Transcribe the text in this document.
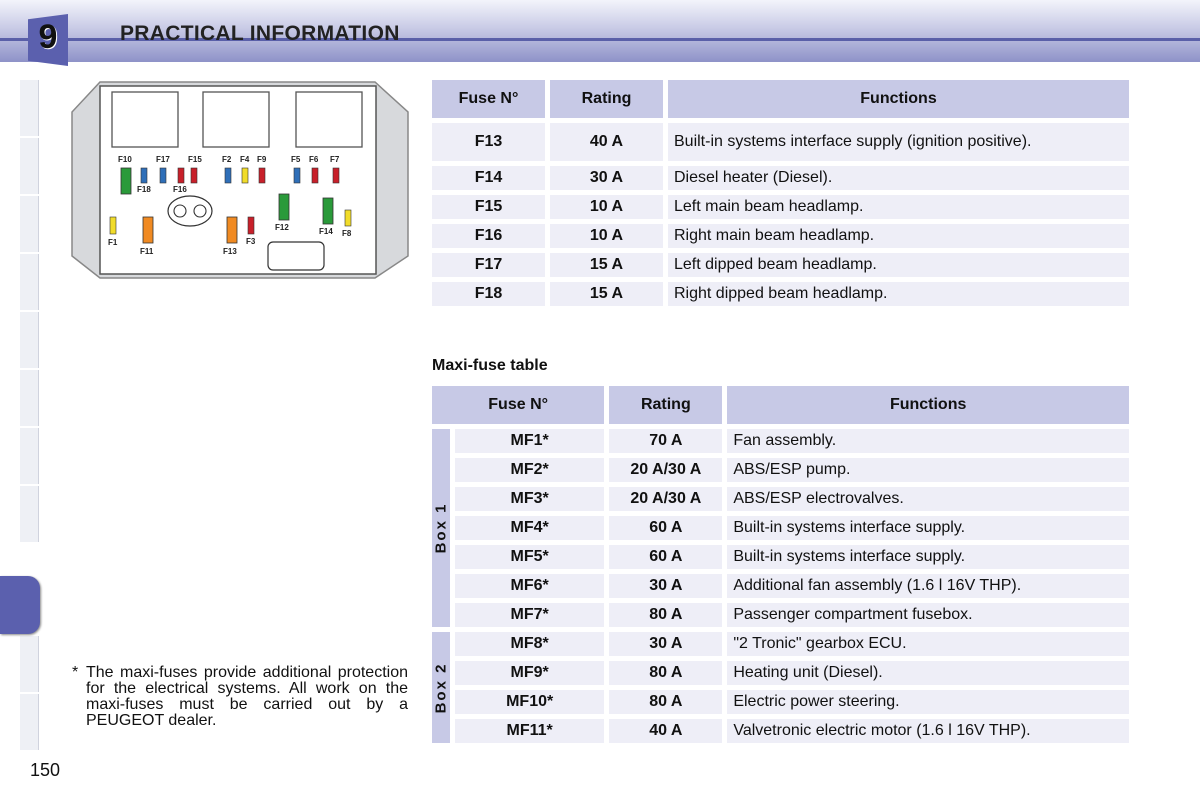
9	PRACTICAL INFORMATION
F10	F17 F15	F2 F4 F9	F5 F6 F7
F18	F16
F1
F11	F13
F3
F12	F14 F8
Fuse N°	Rating	Functions
F13	40 A	Built-in systems interface supply (ignition positive).
F14	30 A	Diesel heater (Diesel).
F15	10 A	Left main beam headlamp.
F16	10 A	Right main beam headlamp.
F17	15 A	Left dipped beam headlamp.
F18	15 A	Right dipped beam headlamp.
Maxi-fuse table
Fuse N°		Rating	Functions

Box 1	MF1*	70 A	Fan assembly.
	MF2*	20 A/30 A	ABS/ESP pump.
	MF3*	20 A/30 A	ABS/ESP electrovalves.
	MF4*	60 A	Built-in systems interface supply.
	MF5*	60 A	Built-in systems interface supply.
	MF6*	30 A	Additional fan assembly (1.6 l 16V THP).
	MF7*	80 A	Passenger compartment fusebox.

Box 2	MF8*	30 A	"2 Tronic" gearbox ECU.
	MF9*	80 A	Heating unit (Diesel).
	MF10*	80 A	Electric power steering.
	MF11*	40 A	Valvetronic electric motor (1.6 l 16V THP).
* The maxi-fuses provide additional protection for the electrical systems. All work on the maxi-fuses must be carried out by a PEUGEOT dealer.
150
